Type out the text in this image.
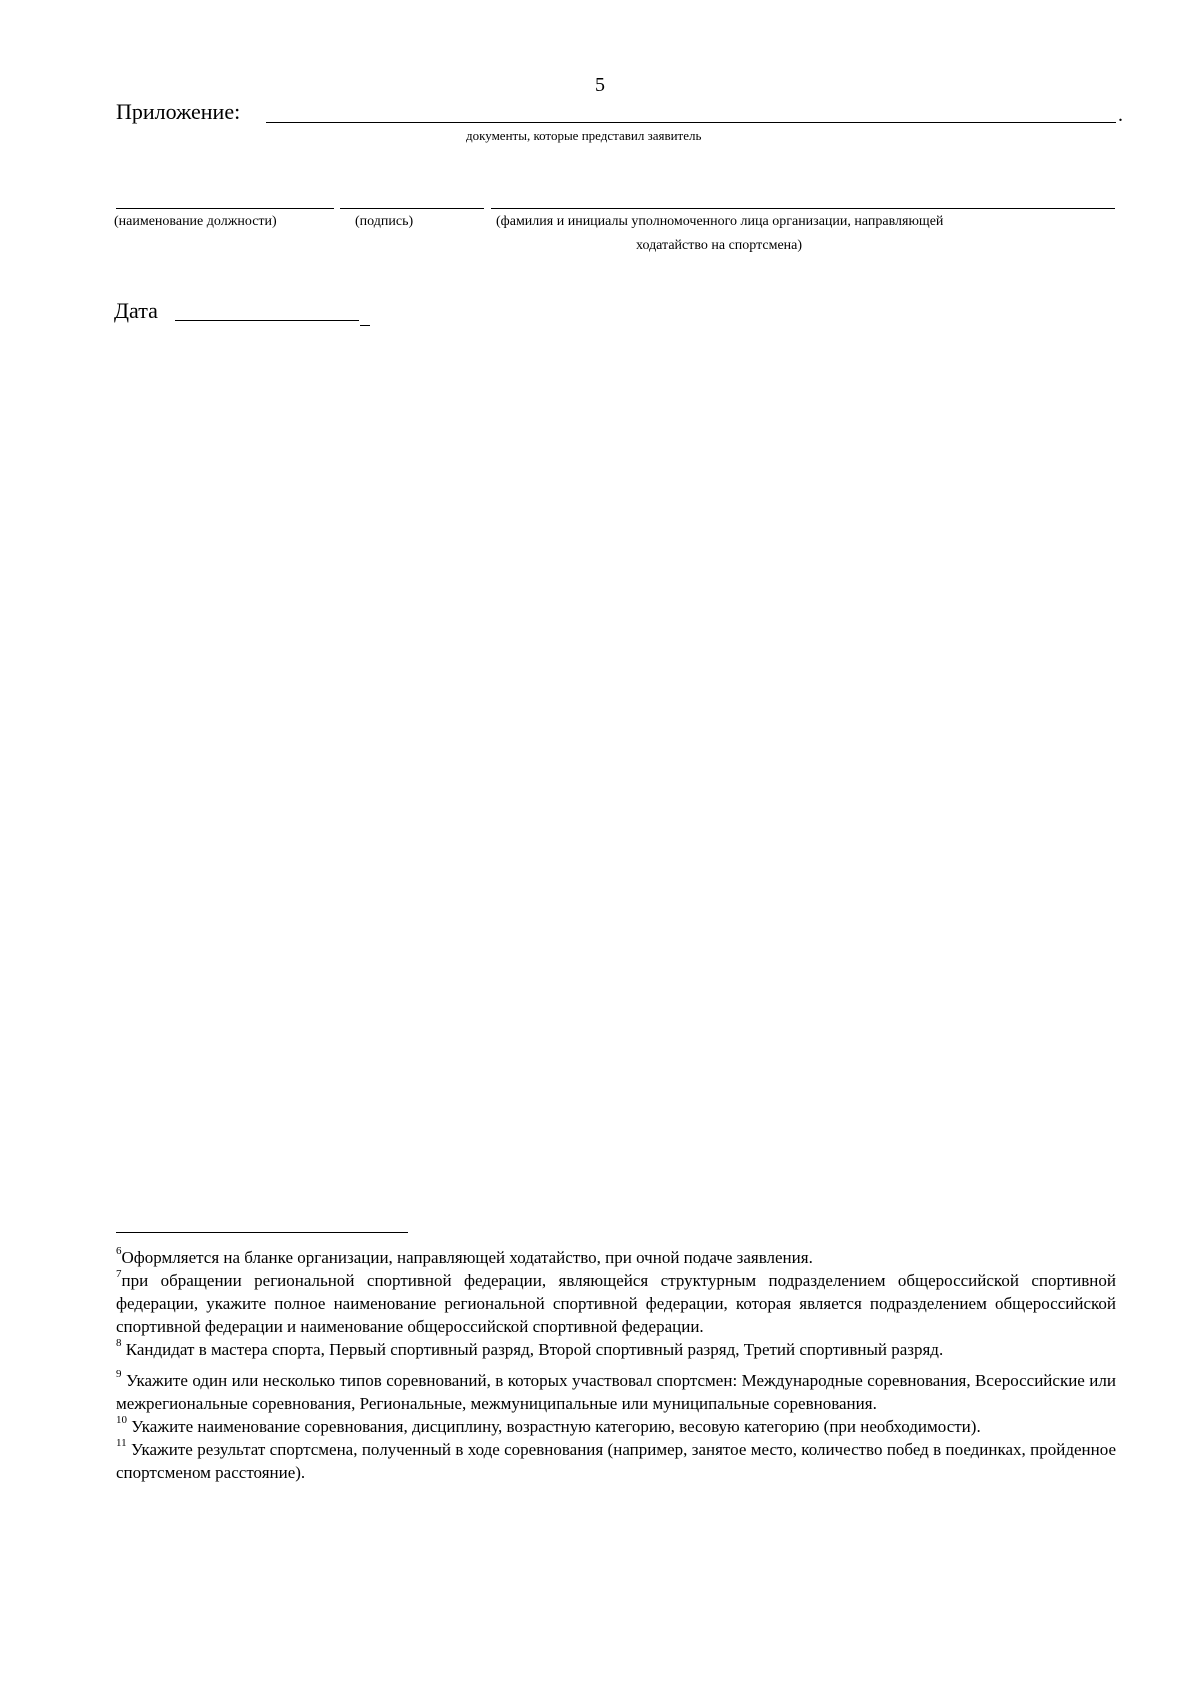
5
Приложение:	.
документы, которые представил заявитель
(наименование должности)	(подпись)	(фамилия и инициалы уполномоченного лица организации, направляющей
ходатайство на спортсмена)
Дата

$^6$Оформляется на бланке организации, направляющей ходатайство, при очной подаче заявления.

$^7$при обращении региональной спортивной федерации, являющейся структурным подразделением общероссийской спортивной федерации, укажите полное наименование региональной спортивной федерации, которая является подразделением общероссийской спортивной федерации и наименование общероссийской спортивной федерации.

$^8$ Кандидат в мастера спорта, Первый спортивный разряд, Второй спортивный разряд, Третий спортивный разряд.

$^9$ Укажите один или несколько типов соревнований, в которых участвовал спортсмен: Международные соревнования, Всероссийские или межрегиональные соревнования, Региональные, межмуниципальные или муниципальные соревнования.

$^{10}$ Укажите наименование соревнования, дисциплину, возрастную категорию, весовую категорию (при необходимости).

$^{11}$ Укажите результат спортсмена, полученный в ходе соревнования (например, занятое место, количество побед в поединках, пройденное спортсменом расстояние).
